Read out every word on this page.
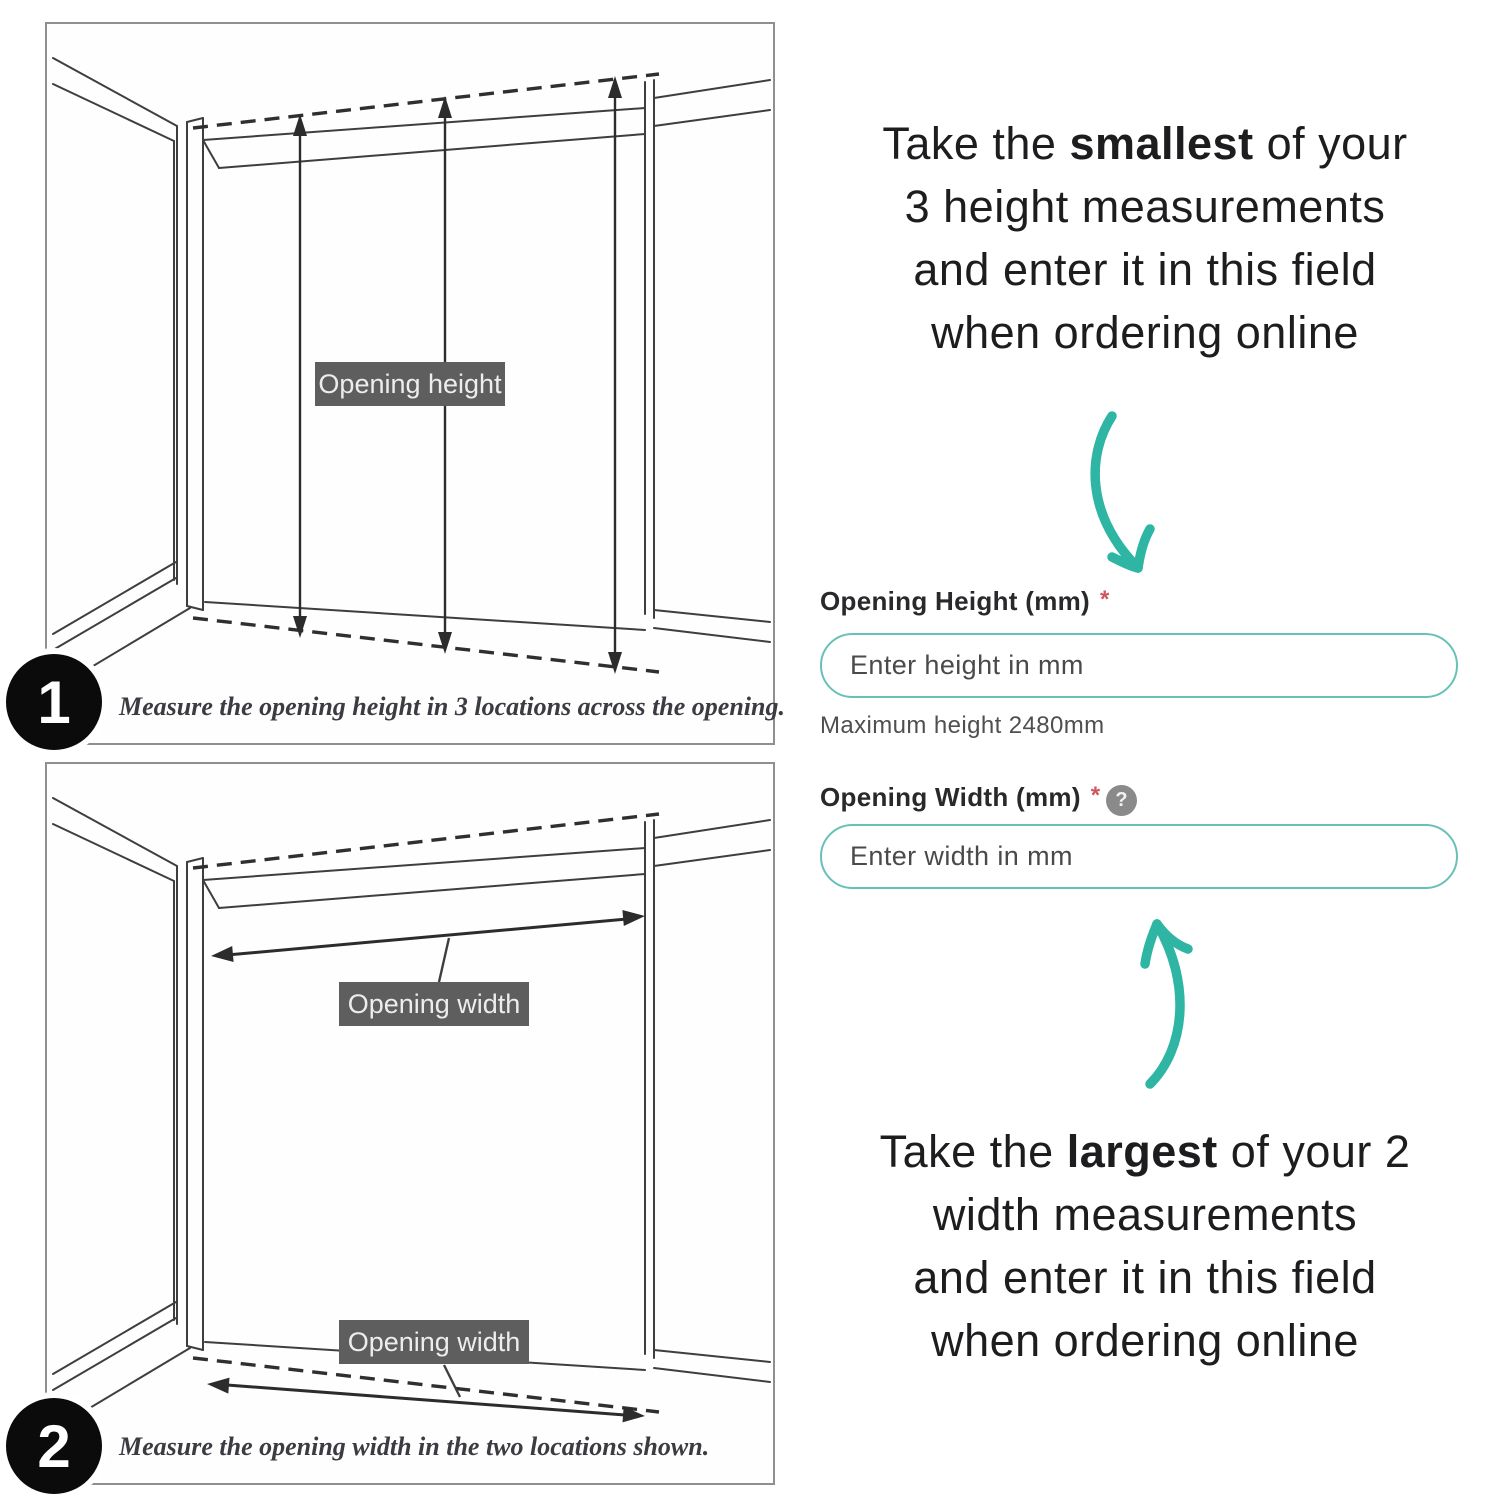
Opening height
Measure the opening height in 3 locations across the opening.
1
Opening width
Opening width
Measure the opening width in the two locations shown.
2
Take the smallest of your
3 height measurements
and enter it in this field
when ordering online
Opening Height (mm) *
Enter height in mm
Maximum height 2480mm
Opening Width (mm) * ?
Enter width in mm
Take the largest of your 2
width measurements
and enter it in this field
when ordering online
